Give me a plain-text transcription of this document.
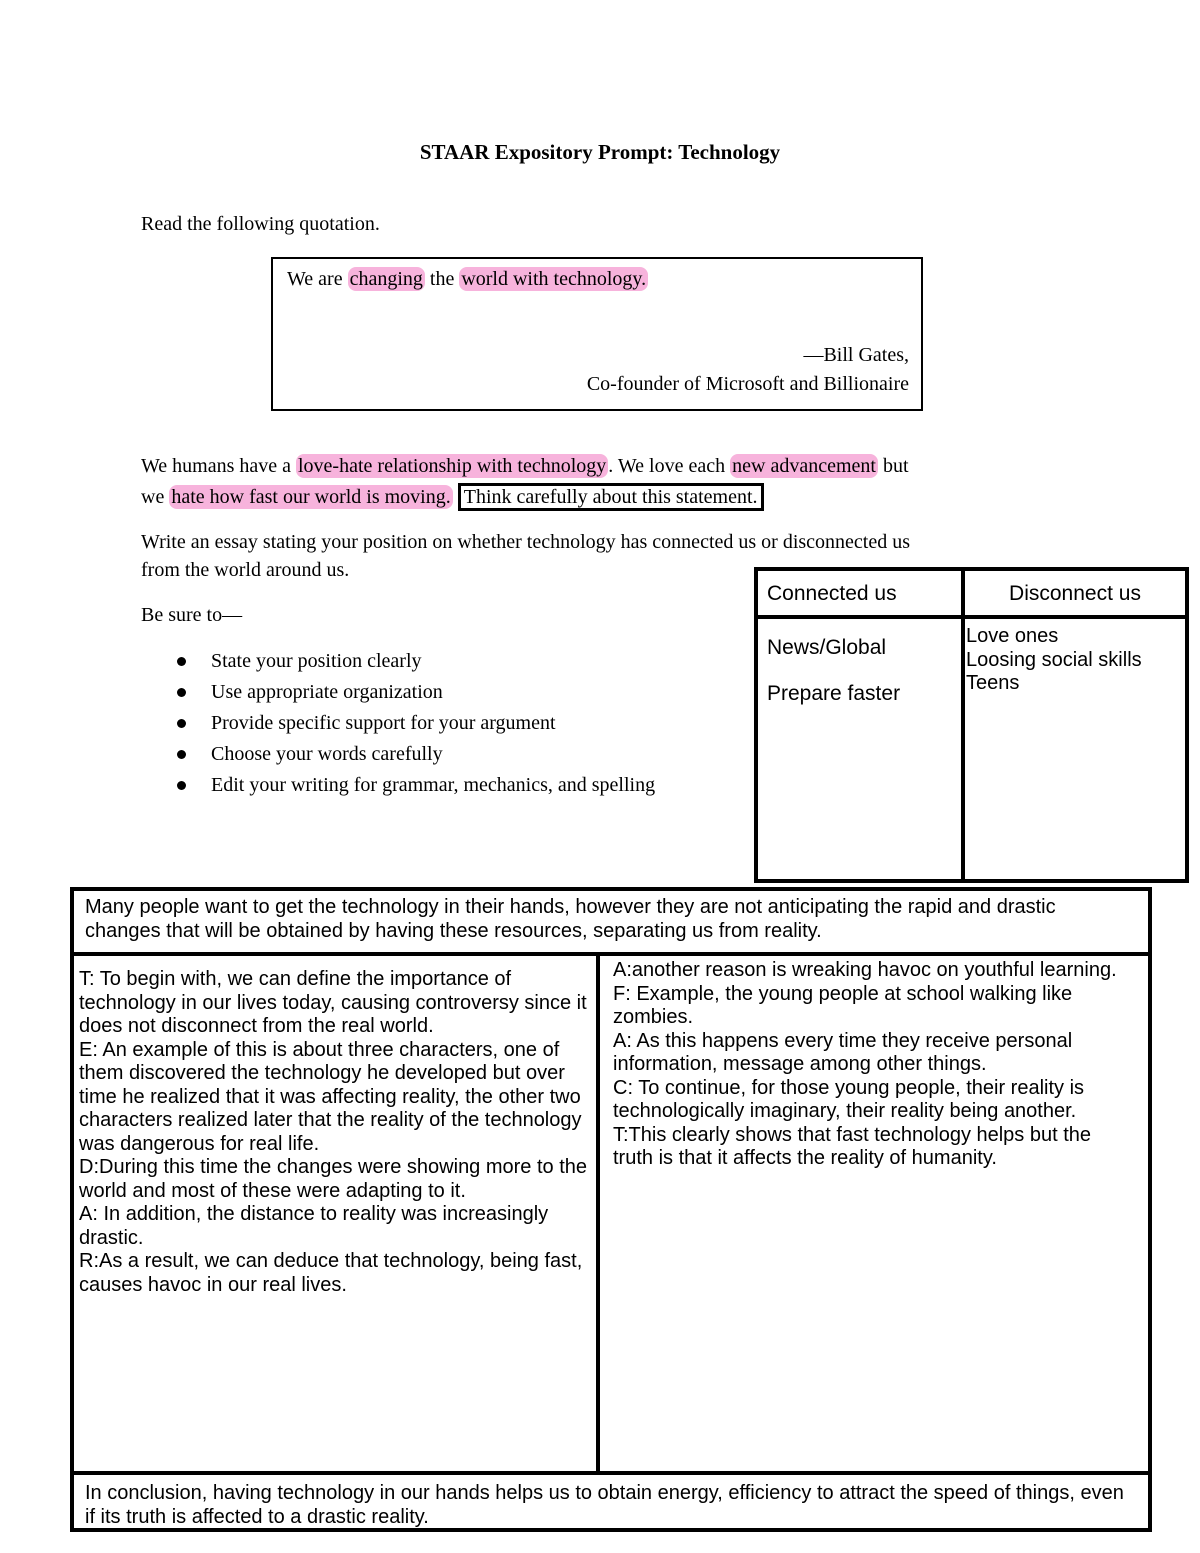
STAAR Expository Prompt: Technology
Read the following quotation.
We are changing the world with technology.
—Bill Gates,
Co-founder of Microsoft and Billionaire
We humans have a love-hate relationship with technology . We love each new advancement but
we hate how fast our world is moving. Think carefully about this statement.
Write an essay stating your position on whether technology has connected us or disconnected us
from the world around us.
Be sure to—
State your position clearly
Use appropriate organization
Provide specific support for your argument
Choose your words carefully
Edit your writing for grammar, mechanics, and spelling
Connected us	Disconnect us
News/Global
Prepare faster
Love ones
Loosing social skills
Teens
Many people want to get the technology in their hands, however they are not anticipating the rapid and drastic changes that will be obtained by having these resources, separating us from reality.
T: To begin with, we can define the importance of technology in our lives today, causing controversy since it does not disconnect from the real world.
E: An example of this is about three characters, one of them discovered the technology he developed but over time he realized that it was affecting reality, the other two characters realized later that the reality of the technology was dangerous for real life.
D:During this time the changes were showing more to the world and most of these were adapting to it.
A: In addition, the distance to reality was increasingly drastic.
R:As a result, we can deduce that technology, being fast, causes havoc in our real lives.
A:another reason is wreaking havoc on youthful learning.
F: Example, the young people at school walking like zombies.
A: As this happens every time they receive personal information, message among other things.
C: To continue, for those young people, their reality is technologically imaginary, their reality being another.
T:This clearly shows that fast technology helps but the truth is that it affects the reality of humanity.
In conclusion, having technology in our hands helps us to obtain energy, efficiency to attract the speed of things, even if its truth is affected to a drastic reality.
